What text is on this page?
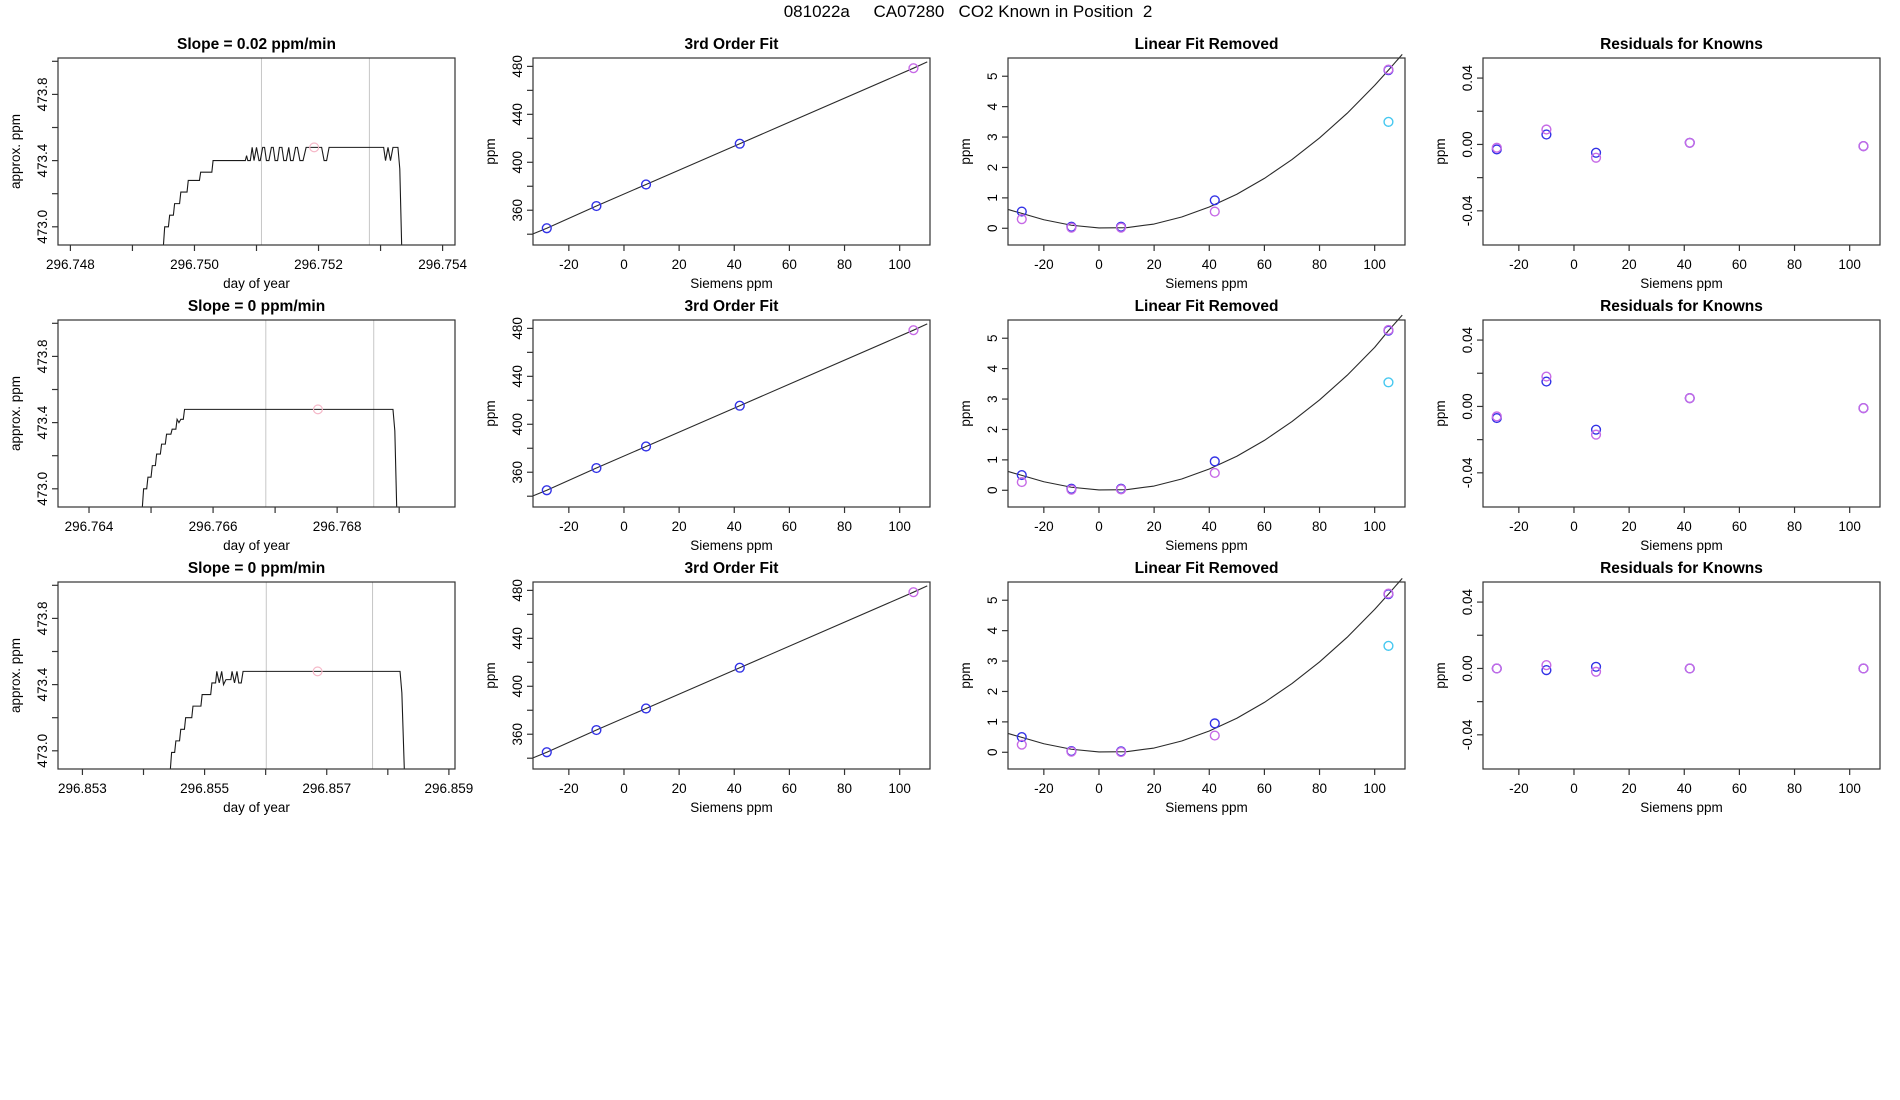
081022a     CA07280   CO2 Known in Position  2
296.748	296.750	296.752	296.754
day of year
473.0
473.4
473.8
approx. ppm
Slope = 0.02 ppm/min
-20	0	20	40	60	80	100
Siemens ppm
360
400
440
480
ppm
3rd Order Fit
-20	0	20	40	60	80	100
Siemens ppm
0
1
2
3
4
5
ppm
Linear Fit Removed
-20	0	20	40	60	80	100
Siemens ppm
-0.04
0.00
0.04
ppm
Residuals for Knowns
296.764	296.766	296.768
day of year
473.0
473.4
473.8
approx. ppm
Slope = 0 ppm/min
-20	0	20	40	60	80	100
Siemens ppm
360
400
440
480
ppm
3rd Order Fit
-20	0	20	40	60	80	100
Siemens ppm
0
1
2
3
4
5
ppm
Linear Fit Removed
-20	0	20	40	60	80	100
Siemens ppm
-0.04
0.00
0.04
ppm
Residuals for Knowns
296.853	296.855	296.857	296.859
day of year
473.0
473.4
473.8
approx. ppm
Slope = 0 ppm/min
-20	0	20	40	60	80	100
Siemens ppm
360
400
440
480
ppm
3rd Order Fit
-20	0	20	40	60	80	100
Siemens ppm
0
1
2
3
4
5
ppm
Linear Fit Removed
-20	0	20	40	60	80	100
Siemens ppm
-0.04
0.00
0.04
ppm
Residuals for Knowns
